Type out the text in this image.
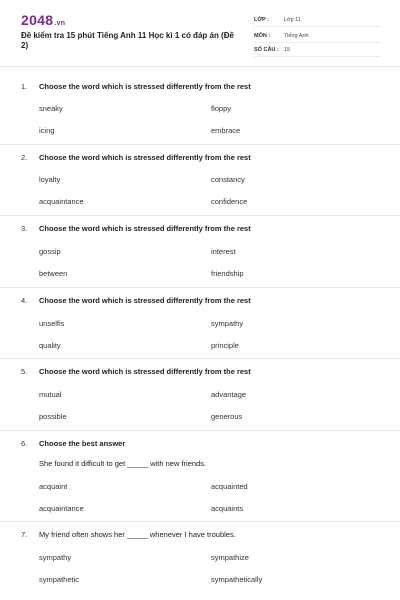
2048.vn
Đề kiểm tra 15 phút Tiếng Anh 11 Học kì 1 có đáp án (Đề 2)
LỚP :	Lớp 11
MÔN :	Tiếng Anh
SỐ CÂU : 15
1. Choose the word which is stressed differently from the rest
sneaky	floppy
icing	embrace
2. Choose the word which is stressed differently from the rest
loyalty	constancy
acquaintance	confidence
3. Choose the word which is stressed differently from the rest
gossip	interest
between	friendship
4. Choose the word which is stressed differently from the rest
unselfis	sympathy
quality	principle
5. Choose the word which is stressed differently from the rest
mutual	advantage
possible	generous
6. Choose the best answer
She found it difficult to get _____ with new friends.
acquaint	acquainted
acquaintance	acquaints
7. My friend often shows her _____ whenever I have troubles.
sympathy	sympathize
sympathetic	sympathetically
